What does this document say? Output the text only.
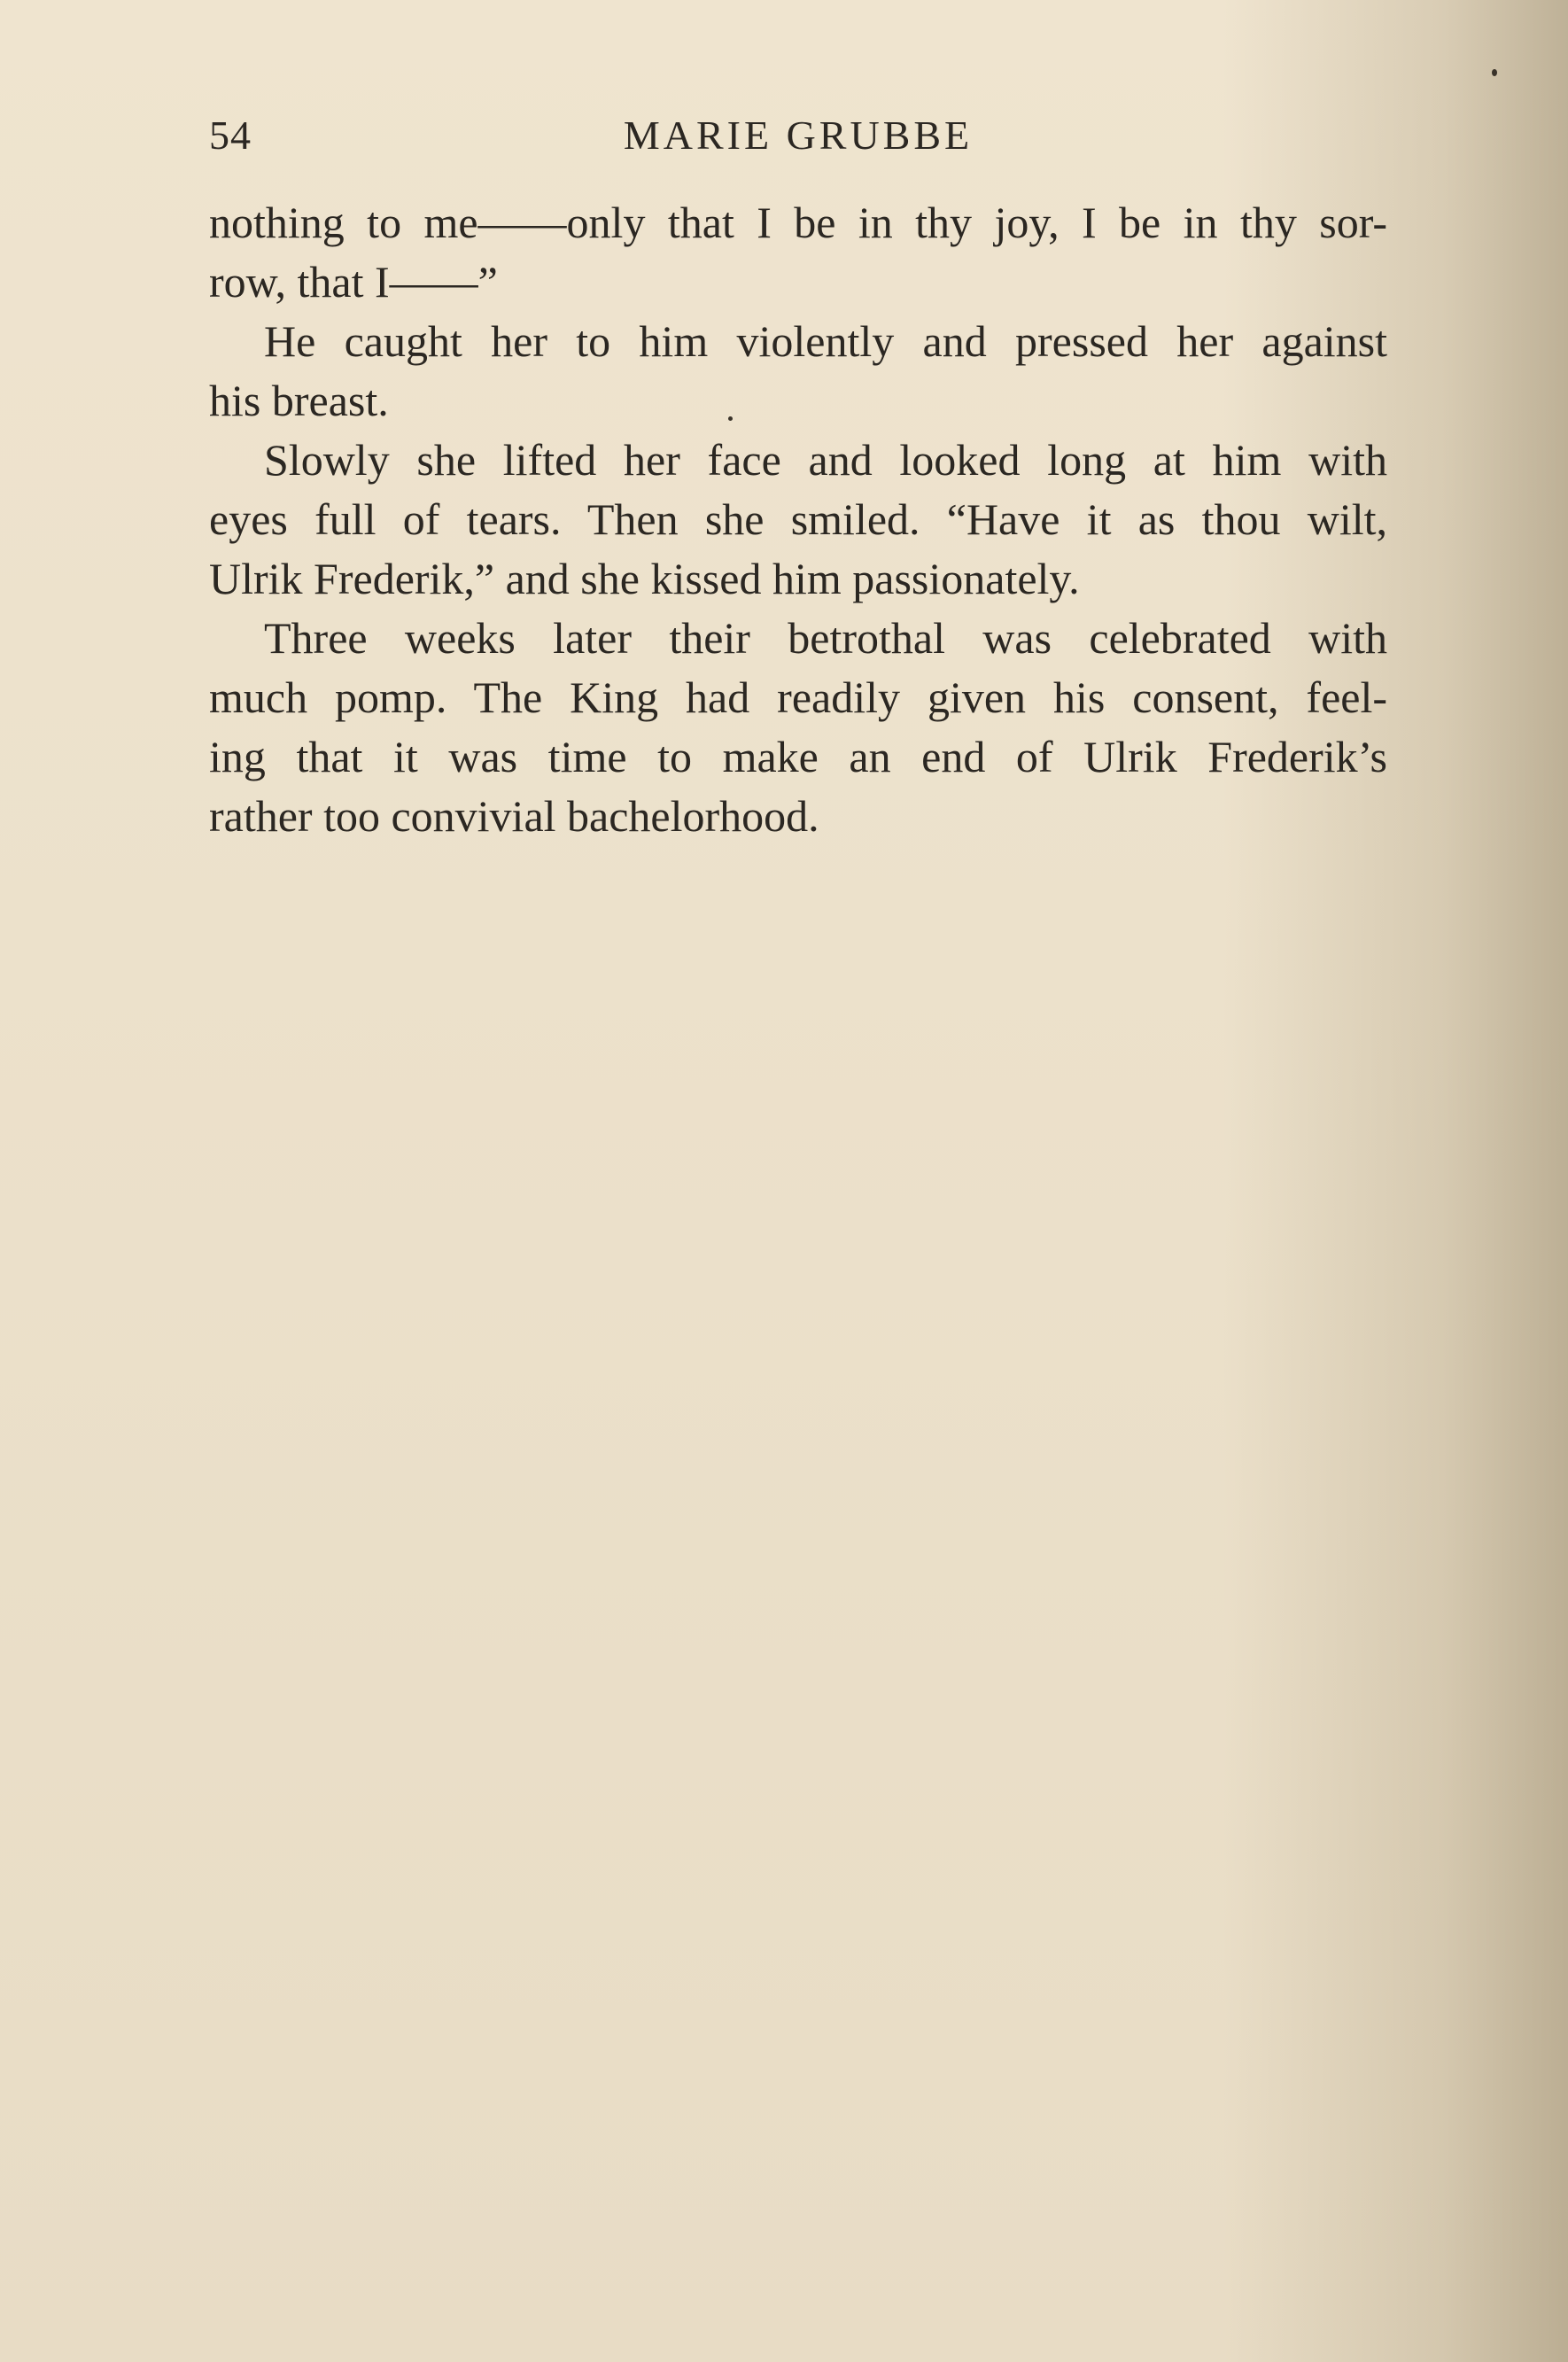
54	MARIE GRUBBE
nothing to me——only that I be in thy joy, I be in thy sor-
row, that I——”
He caught her to him violently and pressed her against
his breast.
Slowly she lifted her face and looked long at him with
eyes full of tears. Then she smiled. “Have it as thou wilt,
Ulrik Frederik,” and she kissed him passionately.
Three weeks later their betrothal was celebrated with
much pomp. The King had readily given his consent, feel-
ing that it was time to make an end of Ulrik Frederik’s
rather too convivial bachelorhood.
